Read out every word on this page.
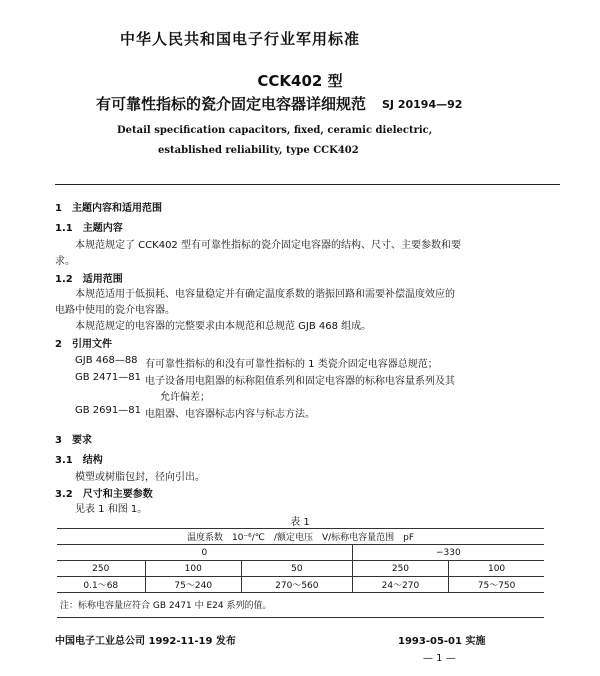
中华人民共和国电子行业军用标准
CCK402 型
有可靠性指标的瓷介固定电容器详细规范 SJ 20194—92
Detail specification capacitors, fixed, ceramic dielectric,
established reliability, type CCK402
1　主题内容和适用范围
1.1　主题内容
本规范规定了 CCK402 型有可靠性指标的瓷介固定电容器的结构、尺寸、主要参数和要
求。
1.2　适用范围
本规范适用于低损耗、电容量稳定并有确定温度系数的谐振回路和需要补偿温度效应的
电路中使用的瓷介电容器。
本规范规定的电容器的完整要求由本规范和总规范 GJB 468 组成。
2　引用文件
GJB 468—88 有可靠性指标的和没有可靠性指标的 1 类瓷介固定电容器总规范；
GB 2471—81 电子设备用电阻器的标称阻值系列和固定电容器的标称电容量系列及其
允许偏差；
GB 2691—81 电阻器、电容器标志内容与标志方法。
3　要求
3.1　结构
模塑或树脂包封，径向引出。
3.2　尺寸和主要参数
见表 1 和图 1。
表 1
温度系数　10⁻⁶/℃　/额定电压　V/标称电容量范围　pF				
0			−330	
250	100	50	250	100
0.1～68	75～240	270～560	24～270	75～750
注：标称电容量应符合 GB 2471 中 E24 系列的值。
中国电子工业总公司 1992-11-19 发布	1993-05-01 实施
— 1 —
